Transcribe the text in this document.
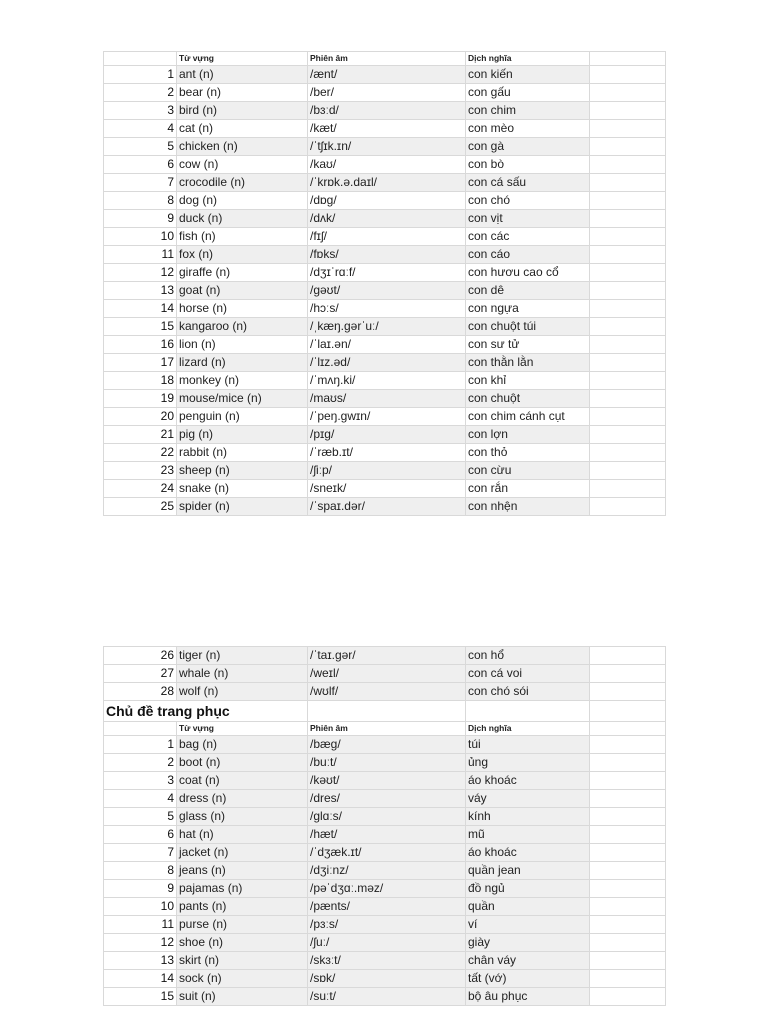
	Từ vựng	Phiên âm	Dịch nghĩa	
1	ant (n)	/ænt/	con kiến	
2	bear (n)	/ber/	con gấu	
3	bird (n)	/bɜːd/	con chim	
4	cat (n)	/kæt/	con mèo	
5	chicken (n)	/ˈtʃɪk.ɪn/	con gà	
6	cow (n)	/kaʊ/	con bò	
7	crocodile (n)	/ˈkrɒk.ə.daɪl/	con cá sấu	
8	dog (n)	/dɒɡ/	con chó	
9	duck (n)	/dʌk/	con vịt	
10	fish (n)	/fɪʃ/	con các	
11	fox (n)	/fɒks/	con cáo	
12	giraffe (n)	/dʒɪˈrɑːf/	con hươu cao cổ	
13	goat (n)	/ɡəʊt/	con dê	
14	horse (n)	/hɔːs/	con ngựa	
15	kangaroo (n)	/ˌkæŋ.ɡərˈuː/	con chuột túi	
16	lion (n)	/ˈlaɪ.ən/	con sư tử	
17	lizard (n)	/ˈlɪz.əd/	con thằn lằn	
18	monkey (n)	/ˈmʌŋ.ki/	con khỉ	
19	mouse/mice (n)	/maʊs/	con chuột	
20	penguin (n)	/ˈpeŋ.ɡwɪn/	con chim cánh cụt	
21	pig (n)	/pɪɡ/	con lợn	
22	rabbit (n)	/ˈræb.ɪt/	con thỏ	
23	sheep (n)	/ʃiːp/	con cừu	
24	snake (n)	/sneɪk/	con rắn	
25	spider (n)	/ˈspaɪ.dər/	con nhện	
26	tiger (n)	/ˈtaɪ.ɡər/	con hổ	
27	whale (n)	/weɪl/	con cá voi	
28	wolf (n)	/wʊlf/	con chó sói	
Chủ đề trang phục				
	Từ vựng	Phiên âm	Dịch nghĩa	
1	bag (n)	/bæɡ/	túi	
2	boot (n)	/buːt/	ủng	
3	coat (n)	/kəʊt/	áo khoác	
4	dress (n)	/dres/	váy	
5	glass (n)	/ɡlɑːs/	kính	
6	hat (n)	/hæt/	mũ	
7	jacket (n)	/ˈdʒæk.ɪt/	áo khoác	
8	jeans (n)	/dʒiːnz/	quần jean	
9	pajamas (n)	/pəˈdʒɑː.məz/	đồ ngủ	
10	pants (n)	/pænts/	quần	
11	purse (n)	/pɜːs/	ví	
12	shoe (n)	/ʃuː/	giày	
13	skirt (n)	/skɜːt/	chân váy	
14	sock (n)	/sɒk/	tất (vớ)	
15	suit (n)	/suːt/	bộ âu phục	
